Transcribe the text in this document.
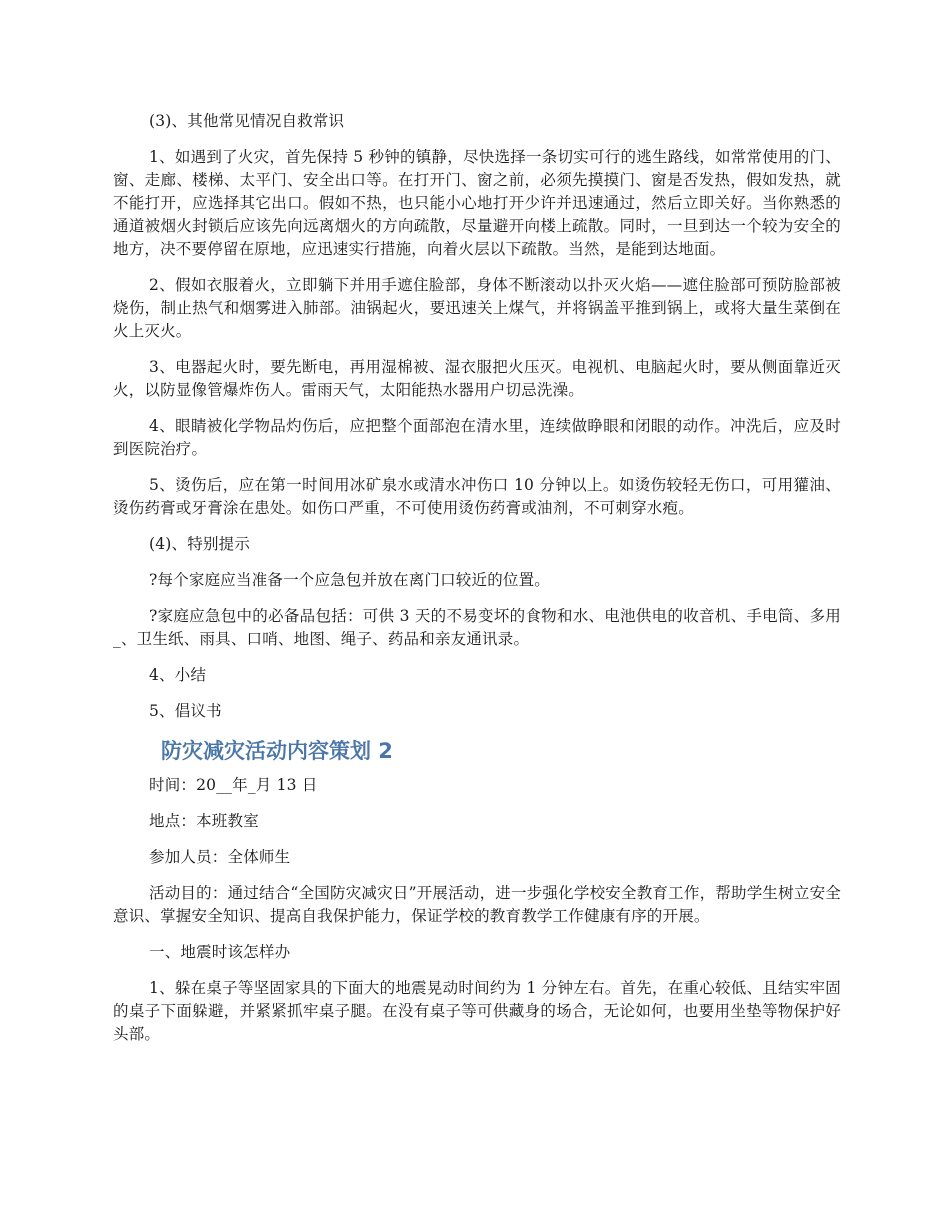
(3)、其他常见情况自救常识

1、如遇到了火灾，首先保持 5 秒钟的镇静，尽快选择一条切实可行的逃生路线，如常常使用的门、窗、走廊、楼梯、太平门、安全出口等。在打开门、窗之前，必须先摸摸门、窗是否发热，假如发热，就不能打开，应选择其它出口。假如不热，也只能小心地打开少许并迅速通过，然后立即关好。当你熟悉的通道被烟火封锁后应该先向远离烟火的方向疏散，尽量避开向楼上疏散。同时，一旦到达一个较为安全的地方，决不要停留在原地，应迅速实行措施，向着火层以下疏散。当然，是能到达地面。

2、假如衣服着火，立即躺下并用手遮住脸部，身体不断滚动以扑灭火焰——遮住脸部可预防脸部被烧伤，制止热气和烟雾进入肺部。油锅起火，要迅速关上煤气，并将锅盖平推到锅上，或将大量生菜倒在火上灭火。

3、电器起火时，要先断电，再用湿棉被、湿衣服把火压灭。电视机、电脑起火时，要从侧面靠近灭火，以防显像管爆炸伤人。雷雨天气，太阳能热水器用户切忌洗澡。

4、眼睛被化学物品灼伤后，应把整个面部泡在清水里，连续做睁眼和闭眼的动作。冲洗后，应及时到医院治疗。

5、烫伤后，应在第一时间用冰矿泉水或清水冲伤口 10 分钟以上。如烫伤较轻无伤口，可用獾油、烫伤药膏或牙膏涂在患处。如伤口严重，不可使用烫伤药膏或油剂，不可刺穿水疱。

(4)、特别提示

?每个家庭应当准备一个应急包并放在离门口较近的位置。

?家庭应急包中的必备品包括：可供 3 天的不易变坏的食物和水、电池供电的收音机、手电筒、多用_、卫生纸、雨具、口哨、地图、绳子、药品和亲友通讯录。

4、小结

5、倡议书

防灾减灾活动内容策划 2

时间：20__年_月 13 日

地点：本班教室

参加人员：全体师生

活动目的：通过结合“全国防灾减灾日”开展活动，进一步强化学校安全教育工作，帮助学生树立安全意识、掌握安全知识、提高自我保护能力，保证学校的教育教学工作健康有序的开展。

一、地震时该怎样办

1、躲在桌子等坚固家具的下面大的地震晃动时间约为 1 分钟左右。首先，在重心较低、且结实牢固的桌子下面躲避，并紧紧抓牢桌子腿。在没有桌子等可供藏身的场合，无论如何，也要用坐垫等物保护好头部。
